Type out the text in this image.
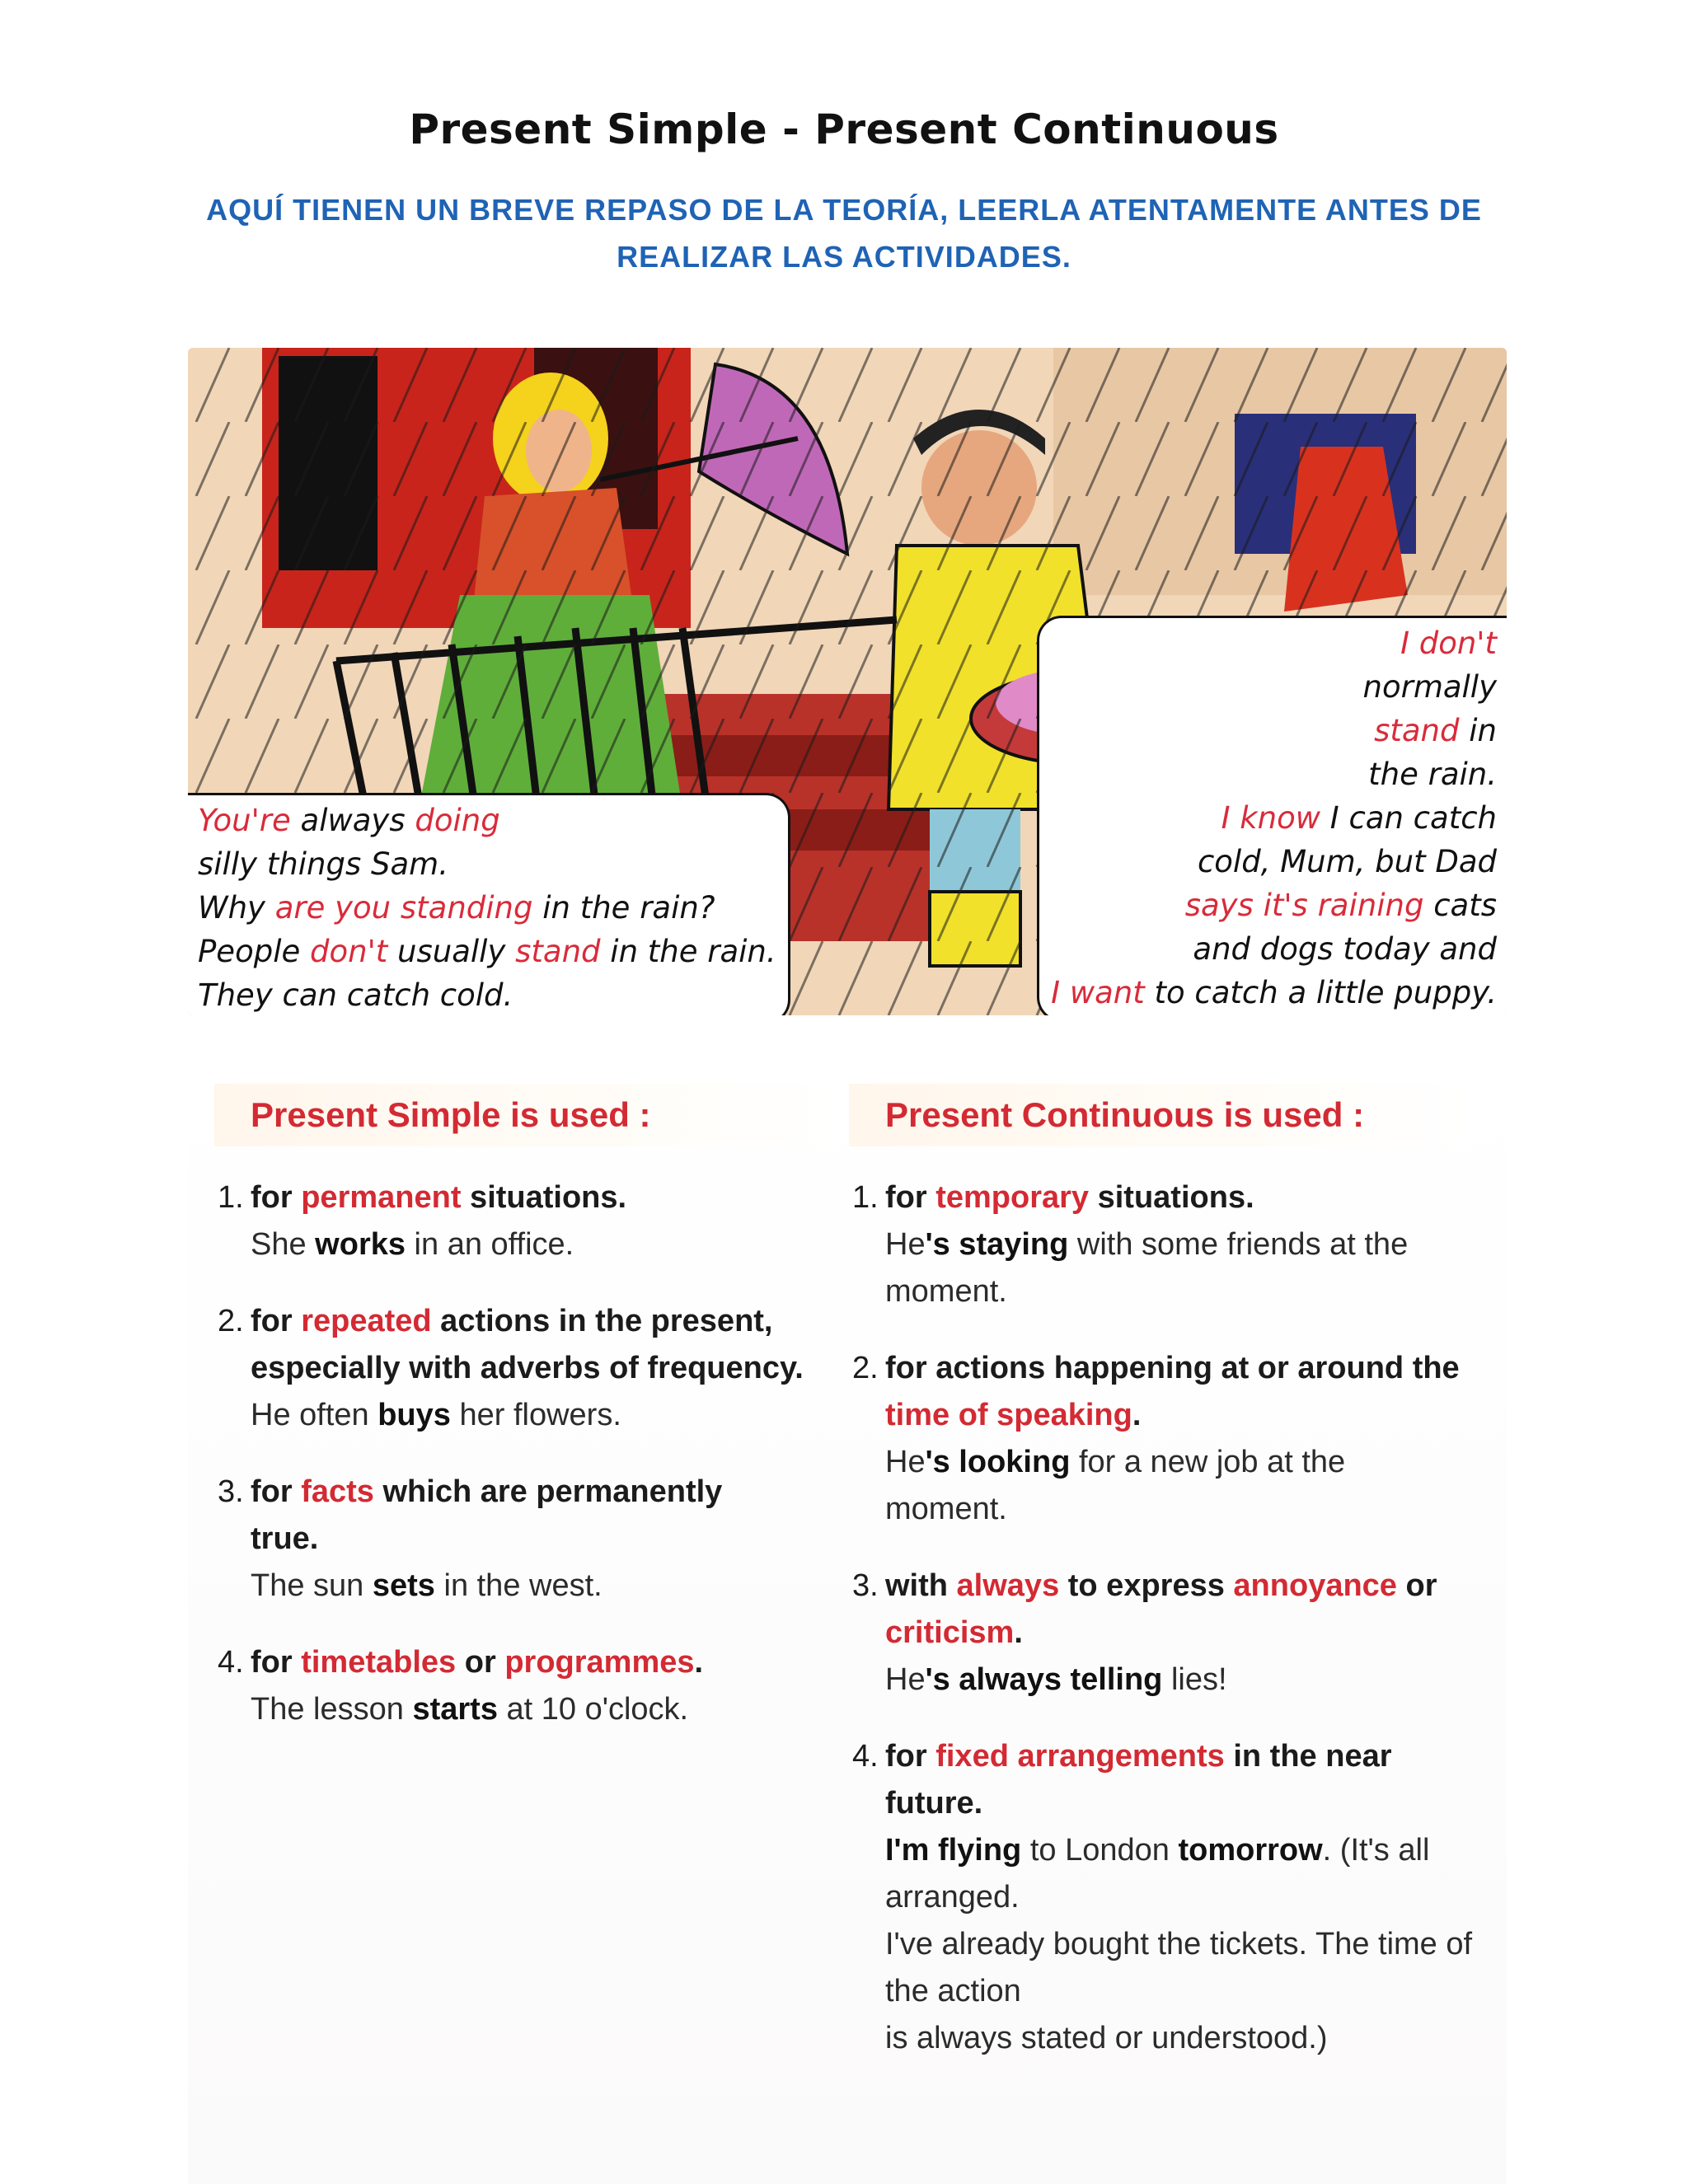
Present Simple - Present Continuous
AQUÍ TIENEN UN BREVE REPASO DE LA TEORÍA, LEERLA ATENTAMENTE ANTES DE REALIZAR LAS ACTIVIDADES.
You're always doing
silly things Sam.
Why are you standing in the rain?
People don't usually stand in the rain.
They can catch cold.
I don't
normally
stand in
the rain.
I know I can catch
cold, Mum, but Dad
says it's raining cats
and dogs today and
I want to catch a little puppy.
Present Simple is used :
1. for permanent situations.
She works in an office.
2. for repeated actions in the present,
especially with adverbs of frequency.
He often buys her flowers.
3. for facts which are permanently
true.
The sun sets in the west.
4. for timetables or programmes.
The lesson starts at 10 o'clock.
Present Continuous is used :
1. for temporary situations.
He's staying with some friends at the moment.
2. for actions happening at or around the
time of speaking.
He's looking for a new job at the moment.
3. with always to express annoyance or
criticism.
He's always telling lies!
4. for fixed arrangements in the near future.
I'm flying to London tomorrow. (It's all arranged.
I've already bought the tickets. The time of the action
is always stated or understood.)
